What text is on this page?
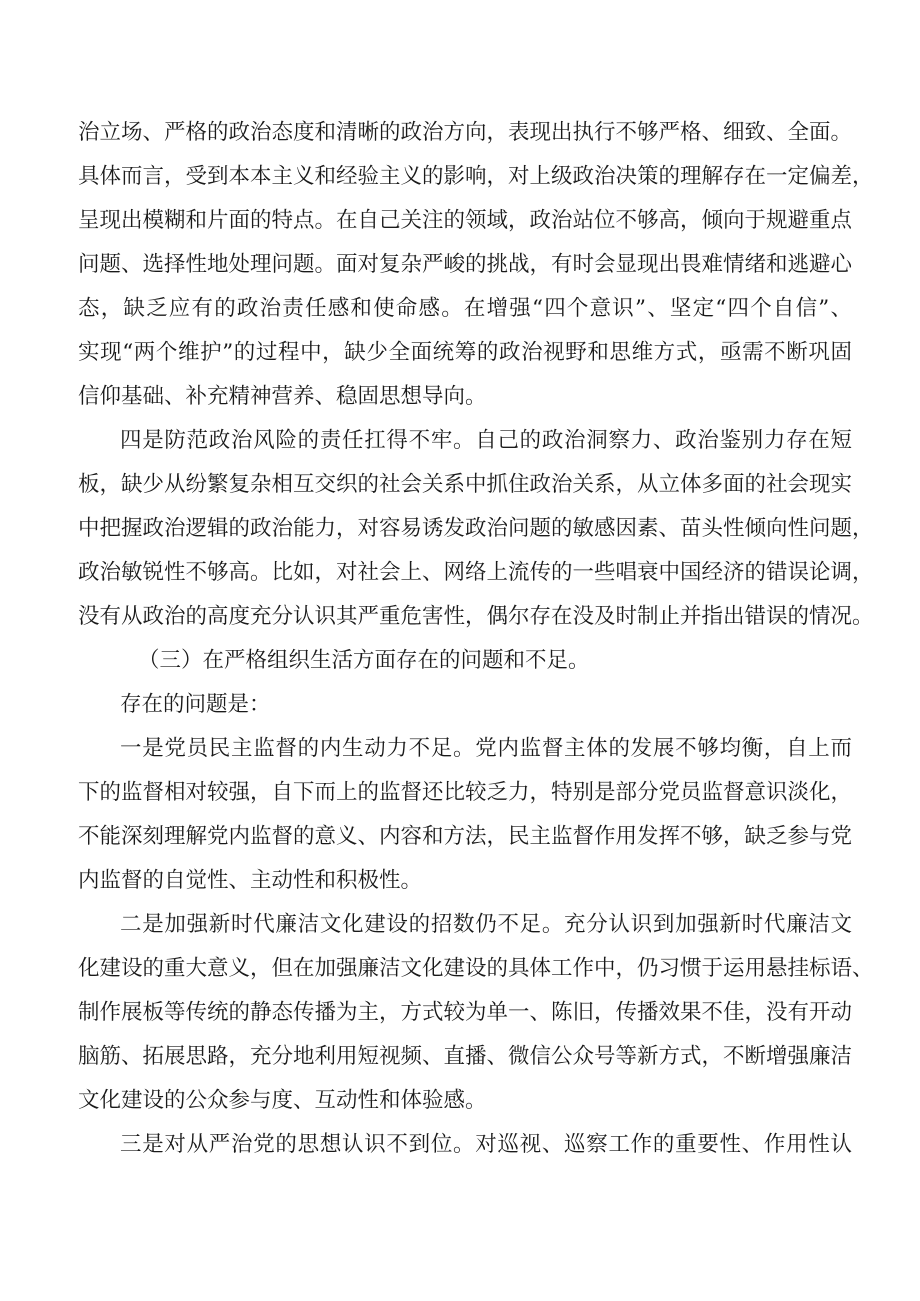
治立场、严格的政治态度和清晰的政治方向，表现出执行不够严格、细致、全面。
具体而言，受到本本主义和经验主义的影响，对上级政治决策的理解存在一定偏差，
呈现出模糊和片面的特点。在自己关注的领域，政治站位不够高，倾向于规避重点
问题、选择性地处理问题。面对复杂严峻的挑战，有时会显现出畏难情绪和逃避心
态，缺乏应有的政治责任感和使命感。在增强“四个意识”、坚定“四个自信”、
实现“两个维护”的过程中，缺少全面统筹的政治视野和思维方式，亟需不断巩固
信仰基础、补充精神营养、稳固思想导向。
四是防范政治风险的责任扛得不牢。自己的政治洞察力、政治鉴别力存在短
板，缺少从纷繁复杂相互交织的社会关系中抓住政治关系，从立体多面的社会现实
中把握政治逻辑的政治能力，对容易诱发政治问题的敏感因素、苗头性倾向性问题，
政治敏锐性不够高。比如，对社会上、网络上流传的一些唱衰中国经济的错误论调，
没有从政治的高度充分认识其严重危害性，偶尔存在没及时制止并指出错误的情况。
（三）在严格组织生活方面存在的问题和不足。
存在的问题是：
一是党员民主监督的内生动力不足。党内监督主体的发展不够均衡，自上而
下的监督相对较强，自下而上的监督还比较乏力，特别是部分党员监督意识淡化，
不能深刻理解党内监督的意义、内容和方法，民主监督作用发挥不够，缺乏参与党
内监督的自觉性、主动性和积极性。
二是加强新时代廉洁文化建设的招数仍不足。充分认识到加强新时代廉洁文
化建设的重大意义，但在加强廉洁文化建设的具体工作中，仍习惯于运用悬挂标语、
制作展板等传统的静态传播为主，方式较为单一、陈旧，传播效果不佳，没有开动
脑筋、拓展思路，充分地利用短视频、直播、微信公众号等新方式，不断增强廉洁
文化建设的公众参与度、互动性和体验感。
三是对从严治党的思想认识不到位。对巡视、巡察工作的重要性、作用性认
